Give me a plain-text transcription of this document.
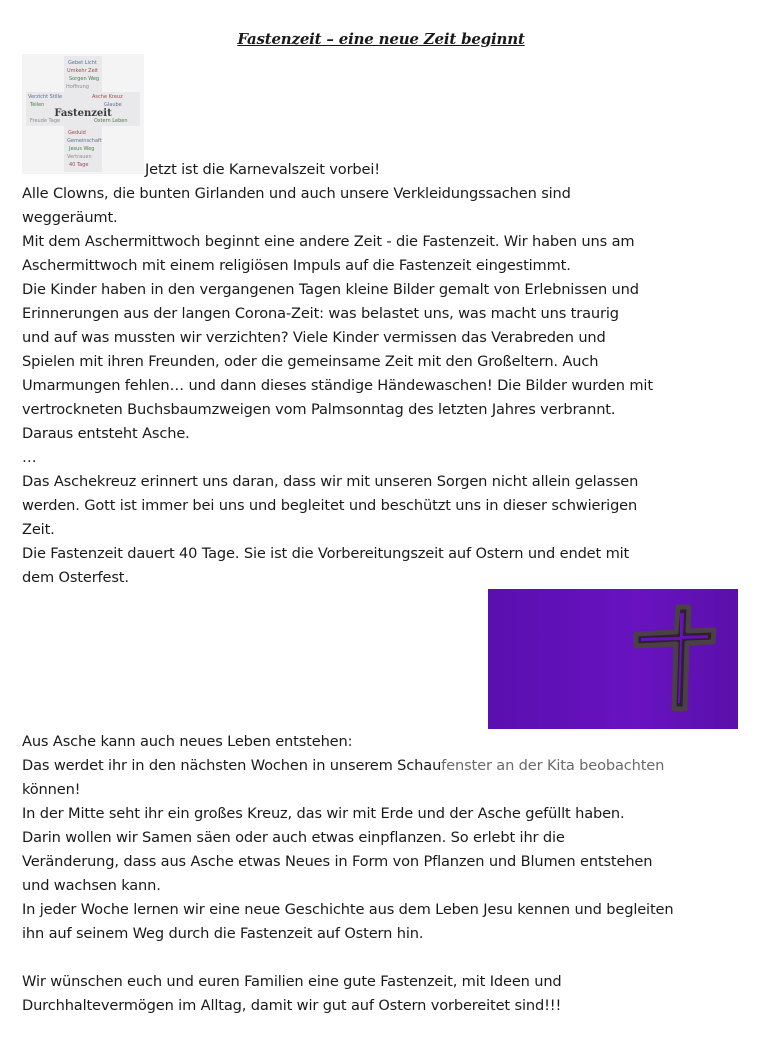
Fastenzeit – eine neue Zeit beginnt
Gebet Licht
Umkehr Zeit
Sorgen Weg
Hoffnung
Verzicht Stille	Asche Kreuz
Teilen	Glaube
Freude Tage	Ostern Leben
Geduld
Gemeinschaft
Jesus Weg
Vertrauen
40 Tage
Fastenzeit
Jetzt ist die Karnevalszeit vorbei!
Alle Clowns, die bunten Girlanden und auch unsere Verkleidungssachen sind
weggeräumt.
Mit dem Aschermittwoch beginnt eine andere Zeit - die Fastenzeit. Wir haben uns am
Aschermittwoch mit einem religiösen Impuls auf die Fastenzeit eingestimmt.
Die Kinder haben in den vergangenen Tagen kleine Bilder gemalt von Erlebnissen und
Erinnerungen aus der langen Corona-Zeit: was belastet uns, was macht uns traurig
und auf was mussten wir verzichten? Viele Kinder vermissen das Verabreden und
Spielen mit ihren Freunden, oder die gemeinsame Zeit mit den Großeltern. Auch
Umarmungen fehlen… und dann dieses ständige Händewaschen! Die Bilder wurden mit
vertrockneten Buchsbaumzweigen vom Palmsonntag des letzten Jahres verbrannt.
Daraus entsteht Asche.
…
Das Aschekreuz erinnert uns daran, dass wir mit unseren Sorgen nicht allein gelassen
werden. Gott ist immer bei uns und begleitet und beschützt uns in dieser schwierigen
Zeit.
Die Fastenzeit dauert 40 Tage. Sie ist die Vorbereitungszeit auf Ostern und endet mit
dem Osterfest.
Aus Asche kann auch neues Leben entstehen:
Das werdet ihr in den nächsten Wochen in unserem Schaufenster an der Kita beobachten
können!
In der Mitte seht ihr ein großes Kreuz, das wir mit Erde und der Asche gefüllt haben.
Darin wollen wir Samen säen oder auch etwas einpflanzen. So erlebt ihr die
Veränderung, dass aus Asche etwas Neues in Form von Pflanzen und Blumen entstehen
und wachsen kann.
In jeder Woche lernen wir eine neue Geschichte aus dem Leben Jesu kennen und begleiten
ihn auf seinem Weg durch die Fastenzeit auf Ostern hin.
Wir wünschen euch und euren Familien eine gute Fastenzeit, mit Ideen und
Durchhaltevermögen im Alltag, damit wir gut auf Ostern vorbereitet sind!!!
